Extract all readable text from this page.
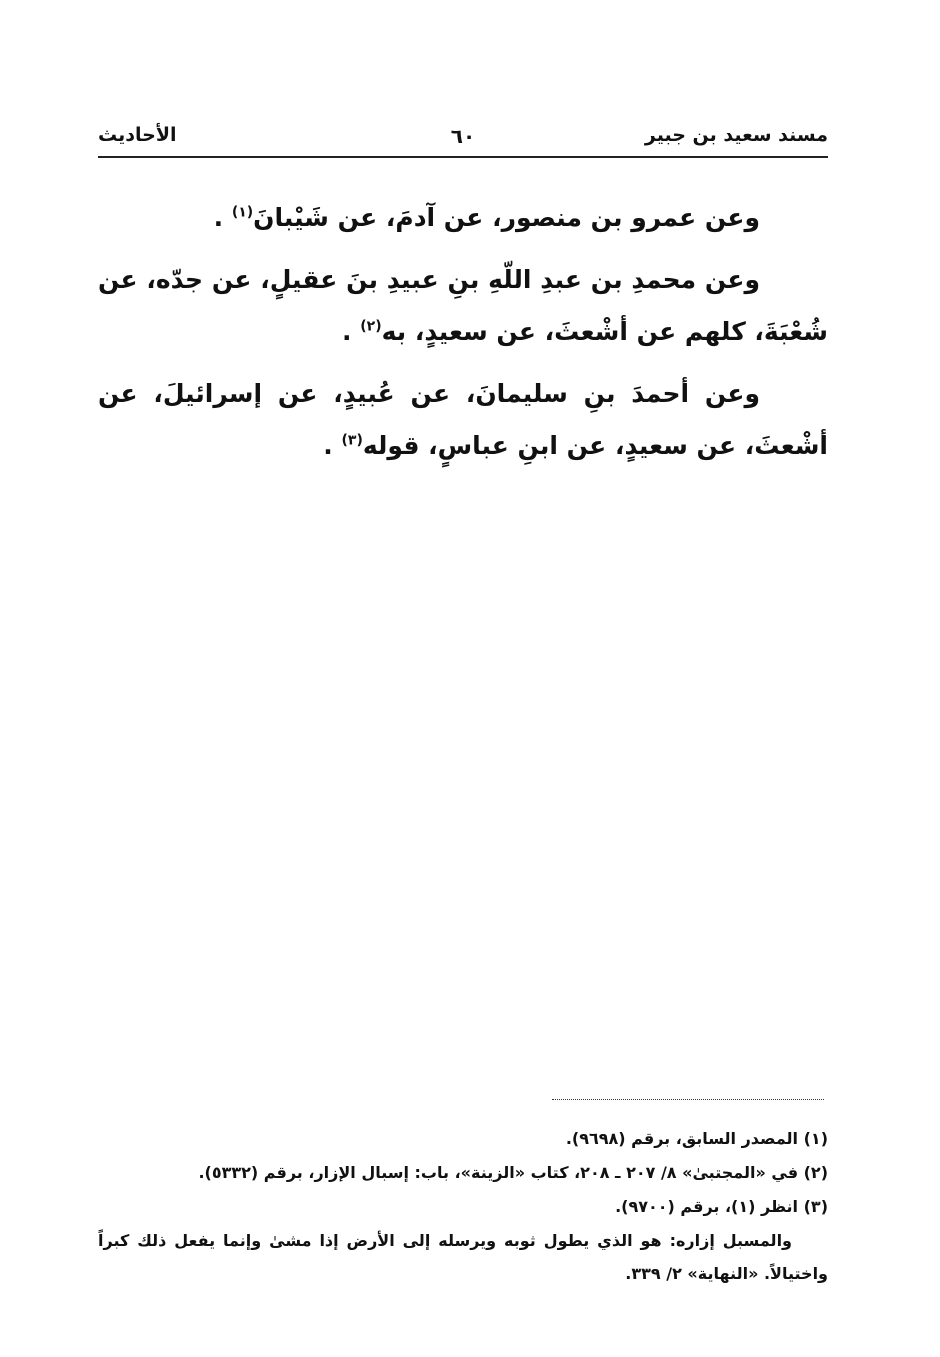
مسند سعيد بن جبير
٦٠
الأحاديث

وعن عمرو بن منصور، عن آدمَ، عن شَيْبانَ$^{(١)}$ .

وعن محمدِ بن عبدِ اللّهِ بنِ عبيدِ بنَ عقيلٍ، عن جدّه، عن شُعْبَةَ، كلهم عن أشْعثَ، عن سعيدٍ، به$^{(٢)}$ .

وعن أحمدَ بنِ سليمانَ، عن عُبيدٍ، عن إسرائيلَ، عن أشْعثَ، عن سعيدٍ، عن ابنِ عباسٍ، قوله$^{(٣)}$ .

(١) المصدر السابق، برقم (٩٦٩٨).

(٢) في «المجتبىٰ» ٨/ ٢٠٧ ـ ٢٠٨، كتاب «الزينة»، باب: إسبال الإزار، برقم (٥٣٣٢).

(٣) انظر (١)، برقم (٩٧٠٠).

والمسبل إزاره: هو الذي يطول ثوبه ويرسله إلى الأرض إذا مشىٰ وإنما يفعل ذلك كبراً واختيالاً. «النهاية» ٢/ ٣٣٩.
